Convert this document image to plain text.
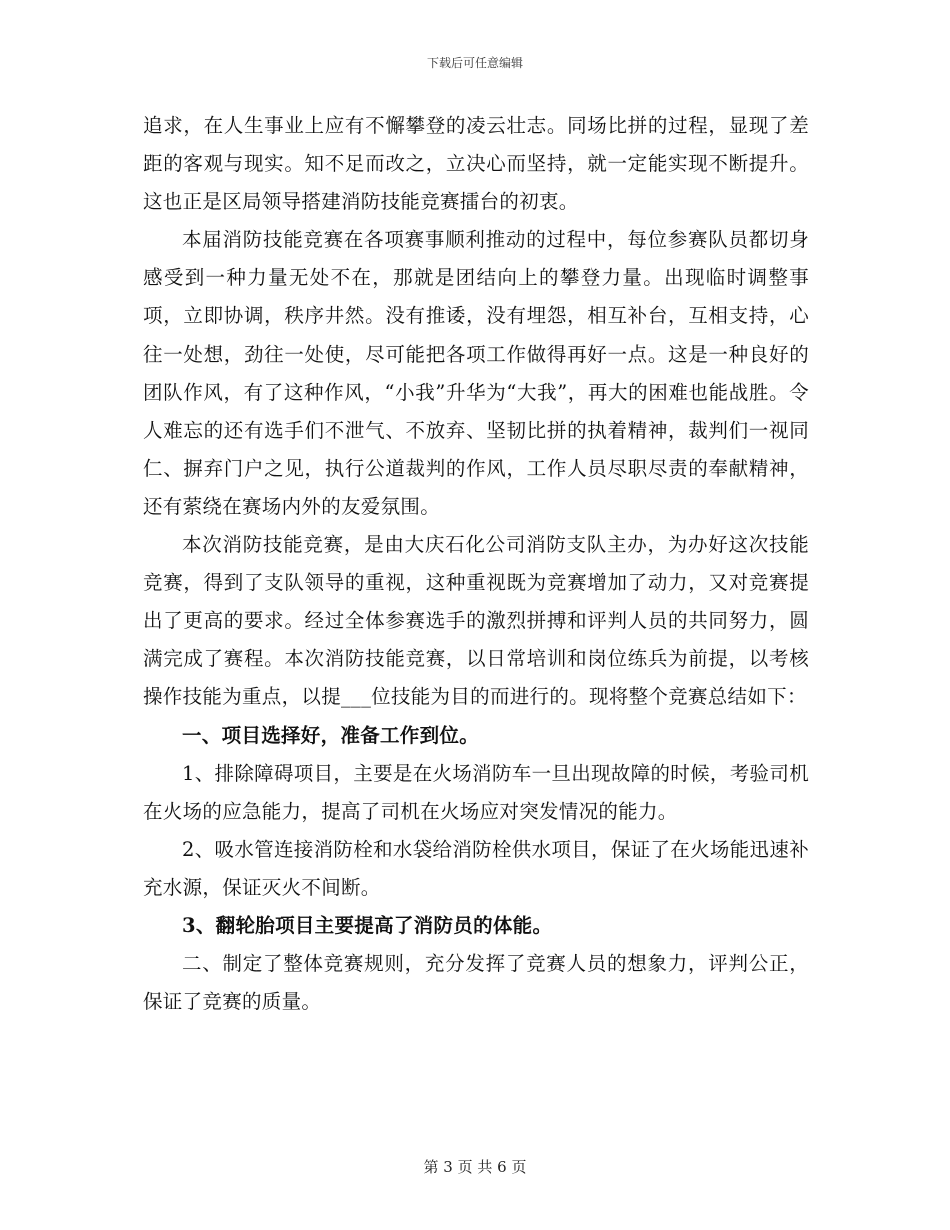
下载后可任意编辑

追求，在人生事业上应有不懈攀登的凌云壮志。同场比拼的过程，显现了差距的客观与现实。知不足而改之，立决心而坚持，就一定能实现不断提升。这也正是区局领导搭建消防技能竞赛擂台的初衷。

本届消防技能竞赛在各项赛事顺利推动的过程中，每位参赛队员都切身感受到一种力量无处不在，那就是团结向上的攀登力量。出现临时调整事项，立即协调，秩序井然。没有推诿，没有埋怨，相互补台，互相支持，心往一处想，劲往一处使，尽可能把各项工作做得再好一点。这是一种良好的团队作风，有了这种作风，“小我”升华为“大我”，再大的困难也能战胜。令人难忘的还有选手们不泄气、不放弃、坚韧比拼的执着精神，裁判们一视同仁、摒弃门户之见，执行公道裁判的作风，工作人员尽职尽责的奉献精神，还有萦绕在赛场内外的友爱氛围。

本次消防技能竞赛，是由大庆石化公司消防支队主办，为办好这次技能竞赛，得到了支队领导的重视，这种重视既为竞赛增加了动力，又对竞赛提出了更高的要求。经过全体参赛选手的激烈拼搏和评判人员的共同努力，圆满完成了赛程。本次消防技能竞赛，以日常培训和岗位练兵为前提，以考核操作技能为重点，以提___位技能为目的而进行的。现将整个竞赛总结如下：

一、项目选择好，准备工作到位。

1、排除障碍项目，主要是在火场消防车一旦出现故障的时候，考验司机在火场的应急能力，提高了司机在火场应对突发情况的能力。

2、吸水管连接消防栓和水袋给消防栓供水项目，保证了在火场能迅速补充水源，保证灭火不间断。

3、翻轮胎项目主要提高了消防员的体能。

二、制定了整体竞赛规则，充分发挥了竞赛人员的想象力，评判公正，保证了竞赛的质量。

第 3 页 共 6 页
